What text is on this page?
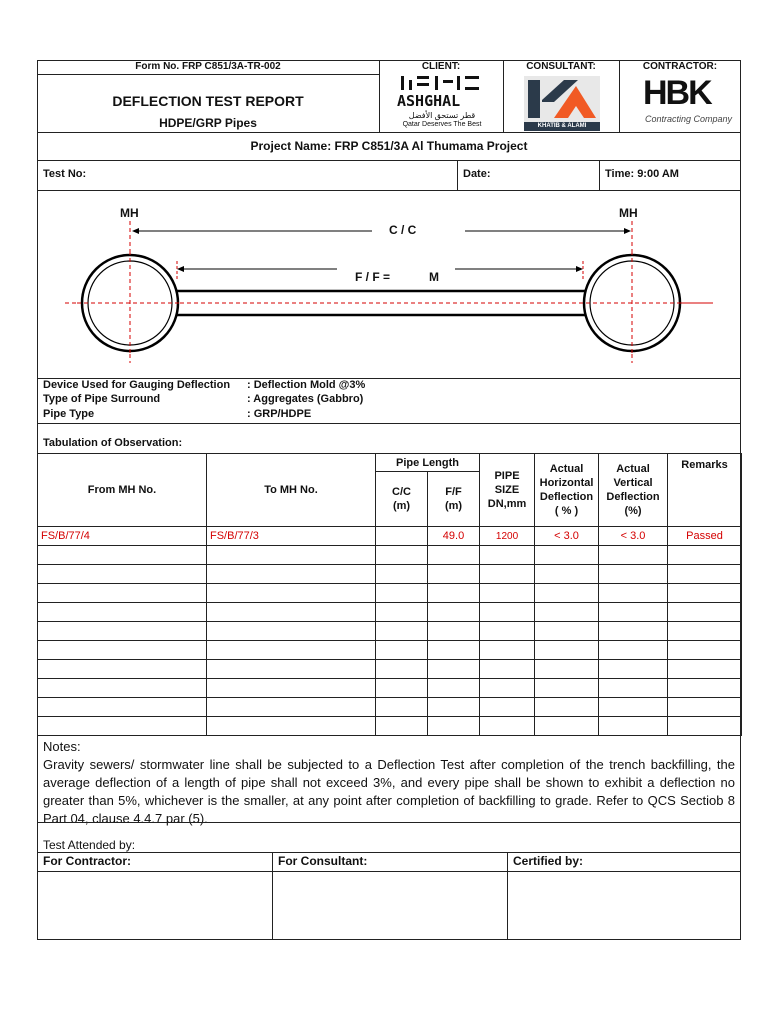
Form No. FRP C851/3A-TR-002
DEFLECTION TEST REPORT
HDPE/GRP Pipes
CLIENT:	CONSULTANT:	CONTRACTOR:
ASHGHAL
قطر تستحق الأفضل
Qatar Deserves The Best	KHATIB & ALAMI
HBK
Contracting Company
Project Name: FRP C851/3A Al Thumama Project
Test No:	Date:	Time: 9:00 AM
MH	MH
C / C
F / F =	M
Device Used for Gauging Deflection : Deflection Mold @3%
Type of Pipe Surround	: Aggregates (Gabbro)
Pipe Type	: GRP/HDPE
Tabulation of Observation:
From MH No.	To MH No.	Pipe Length		PIPE SIZE DN,mm	Actual Horizontal Deflection ( % )	Actual Vertical Deflection (%)	Remarks
		C/C (m)	F/F (m)				
FS/B/77/4	FS/B/77/3		49.0	1200	< 3.0	< 3.0	Passed

Notes:
Gravity sewers/ stormwater line shall be subjected to a Deflection Test after completion of the trench backfilling, the average deflection of a length of pipe shall not exceed 3%, and every pipe shall be shown to exhibit a deflection no greater than 5%, whichever is the smaller, at any point after completion of backfilling to grade. Refer to QCS Sectiob 8 Part 04, clause 4.4.7 par (5).
Test Attended by:
For Contractor:	For Consultant:	Certified by:
